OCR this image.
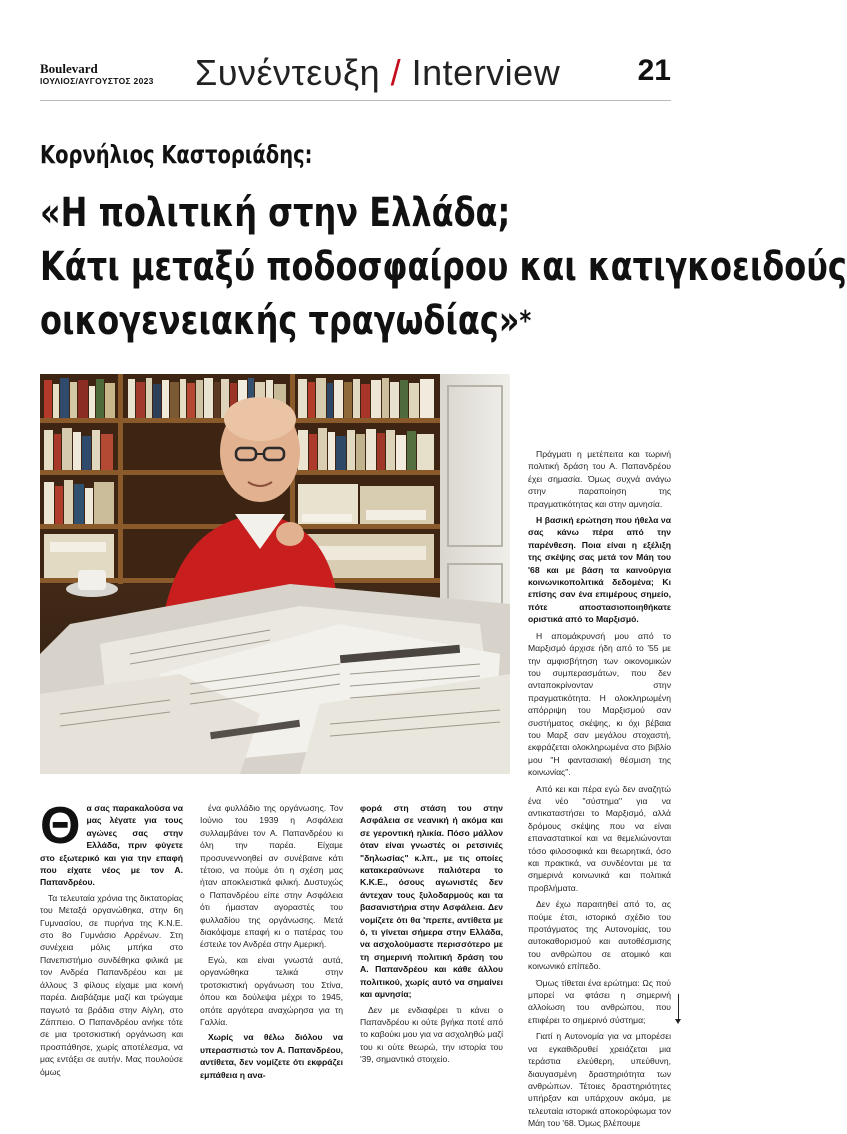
Boulevard
ΙΟΥΛΙΟΣ/ΑΥΓΟΥΣΤΟΣ 2023 Συνέντευξη / Interview	21
Κορνήλιος Καστοριάδης:
«Η πολιτική στην Ελλάδα;
Κάτι μεταξύ ποδοσφαίρου και κατιγκοειδούς
οικογενειακής τραγωδίας»*

Πράγματι η μετέπειτα και τωρινή πολιτική δράση του Α. Παπανδρέου έχει σημασία. Όμως συχνά ανάγω στην παραποίηση της πραγματικότητας και στην αμνησία.

Η βασική ερώτηση που ήθελα να σας κάνω πέρα από την παρένθεση. Ποια είναι η εξέλιξη της σκέψης σας μετά τον Μάη του '68 και με βάση τα καινούργια κοινωνικοπολιτικά δεδομένα; Κι επίσης σαν ένα επιμέρους σημείο, πότε αποστασιοποιηθήκατε οριστικά από το Μαρξισμό.

Η απομάκρυνσή μου από το Μαρξισμό άρχισε ήδη από το '55 με την αμφισβήτηση των οικονομικών του συμπερασμάτων, που δεν ανταποκρίνονταν στην πραγματικότητα. Η ολοκληρωμένη απόρριψη του Μαρξισμού σαν συστήματος σκέψης, κι όχι βέβαια του Μαρξ σαν μεγάλου στοχαστή, εκφράζεται ολοκληρωμένα στο βιβλίο μου "Η φαντασιακή θέσμιση της κοινωνίας".

Από κει και πέρα εγώ δεν αναζητώ ένα νέο "σύστημα" για να αντικαταστήσει το Μαρξισμό, αλλά δρόμους σκέψης που να είναι επαναστατικοί και να θεμελιώνονται τόσο φιλοσοφικά και θεωρητικά, όσο και πρακτικά, να συνδέονται με τα σημερινά κοινωνικά και πολιτικά προβλήματα.

Δεν έχω παραιτηθεί από το, ας πούμε έτσι, ιστορικό σχέδιο του προτάγματος της Αυτονομίας, του αυτοκαθορισμού και αυτοθέσμισης του ανθρώπου σε ατομικό και κοινωνικό επίπεδο.

Όμως τίθεται ένα ερώτημα: Ως πού μπορεί να φτάσει η σημερινή αλλοίωση του ανθρώπου, που επιφέρει το σημερινό σύστημα;

Γιατί η Αυτονομία για να μπορέσει να εγκαθιδρυθεί χρειάζεται μια τεράστια ελεύθερη, υπεύθυνη, διαυγασμένη δραστηριότητα των ανθρώπων. Τέτοιες δραστηριότητες υπήρξαν και υπάρχουν ακόμα, με τελευταία ιστορικά αποκορύφωμα τον Μάη του '68. Όμως βλέπουμε

Θα σας παρακαλούσα να μας λέγατε για τους αγώνες σας στην Ελλάδα, πριν φύγετε στο εξωτερικό και για την επαφή που είχατε νέος με τον Α. Παπανδρέου.

Τα τελευταία χρόνια της δικτατορίας του Μεταξά οργανώθηκα, στην 6η Γυμνασίου, σε πυρήνα της Κ.Ν.Ε. στο 8ο Γυμνάσιο Αρρένων. Στη συνέχεια μόλις μπήκα στο Πανεπιστήμιο συνδέθηκα φιλικά με τον Ανδρέα Παπανδρέου και με άλλους 3 φίλους είχαμε μια κοινή παρέα. Διαβάζαμε μαζί και τρώγαμε παγωτό τα βράδια στην Αίγλη, στο Ζάππειο. Ο Παπανδρέου ανήκε τότε σε μια τροτσκιστική οργάνωση και προσπάθησε, χωρίς αποτέλεσμα, να μας εντάξει σε αυτήν. Μας πουλούσε όμως

ένα φυλλάδιο της οργάνωσης. Τον Ιούνιο του 1939 η Ασφάλεια συλλαμβάνει τον Α. Παπανδρέου κι όλη την παρέα. Είχαμε προσυνεννοηθεί αν συνέβαινε κάτι τέτοιο, να πούμε ότι η σχέση μας ήταν αποκλειστικά φιλική. Δυστυχώς ο Παπανδρέου είπε στην Ασφάλεια ότι ήμασταν αγοραστές του φυλλαδίου της οργάνωσης. Μετά διακόψαμε επαφή κι ο πατέρας του έστειλε τον Ανδρέα στην Αμερική.

Εγώ, και είναι γνωστά αυτά, οργανώθηκα τελικά στην τροτσκιστική οργάνωση του Στίνα, όπου και δούλεψα μέχρι το 1945, οπότε αργότερα αναχώρησα για τη Γαλλία.

Χωρίς να θέλω διόλου να υπερασπιστώ τον Α. Παπανδρέου, αντίθετα, δεν νομίζετε ότι εκφράζει εμπάθεια η ανα-

φορά στη στάση του στην Ασφάλεια σε νεανική ή ακόμα και σε γεροντική ηλικία. Πόσο μάλλον όταν είναι γνωστές οι ρετσινιές "δηλωσίας" κ.λπ., με τις οποίες κατακεραύνωνε παλιότερα το Κ.Κ.Ε., όσους αγωνιστές δεν άντεχαν τους ξυλοδαρμούς και τα βασανιστήρια στην Ασφάλεια. Δεν νομίζετε ότι θα 'πρεπε, αντίθετα με ό, τι γίνεται σήμερα στην Ελλάδα, να ασχολούμαστε περισσότερο με τη σημερινή πολιτική δράση του Α. Παπανδρέου και κάθε άλλου πολιτικού, χωρίς αυτό να σημαίνει και αμνησία;

Δεν με ενδιαφέρει τι κάνει ο Παπανδρέου κι ούτε βγήκα ποτέ από το καβούκι μου για να ασχοληθώ μαζί του κι ούτε θεωρώ, την ιστορία του '39, σημαντικό στοιχείο.
